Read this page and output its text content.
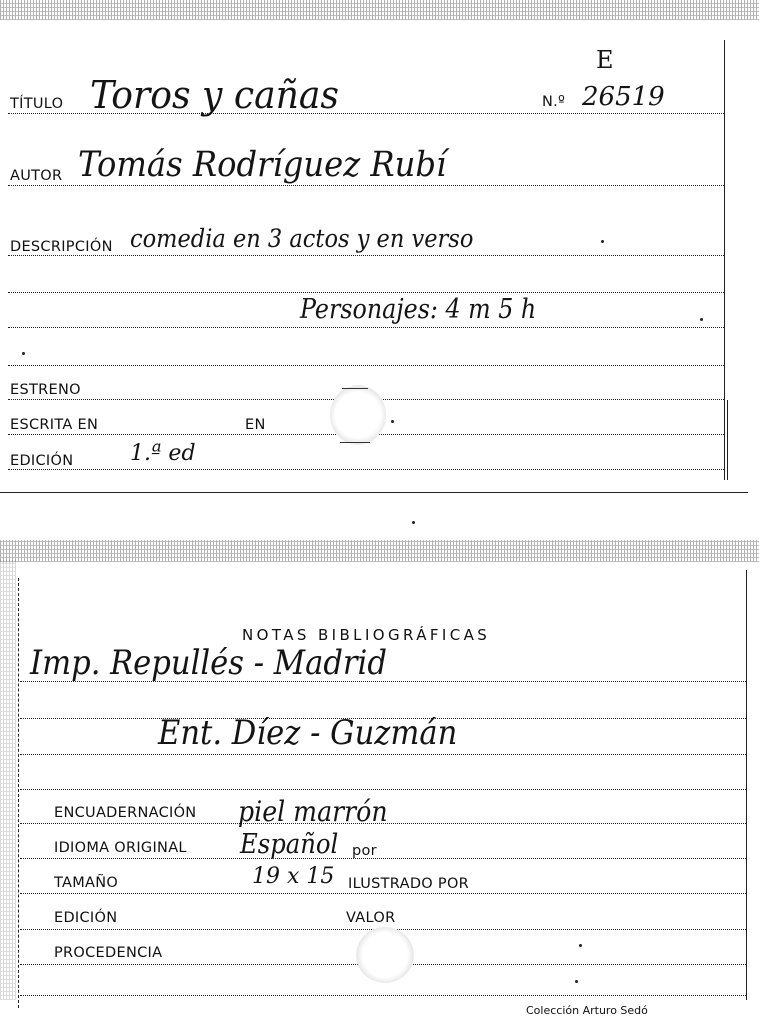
E
TÍTULO Toros y cañas	N.º 26519
AUTOR Tomás Rodríguez Rubí
DESCRIPCIÓN comedia en 3 actos y en verso
Personajes: 4 m 5 h
ESTRENO
ESCRITA EN	EN
EDICIÓN	1.ª ed
NOTAS BIBLIOGRÁFICAS
Imp. Repullés - Madrid
Ent. Díez - Guzmán
ENCUADERNACIÓN piel marrón
IDIOMA ORIGINAL Español por
TAMAÑO	19 x 15 ILUSTRADO POR
EDICIÓN	VALOR
PROCEDENCIA
Colección Arturo Sedó
